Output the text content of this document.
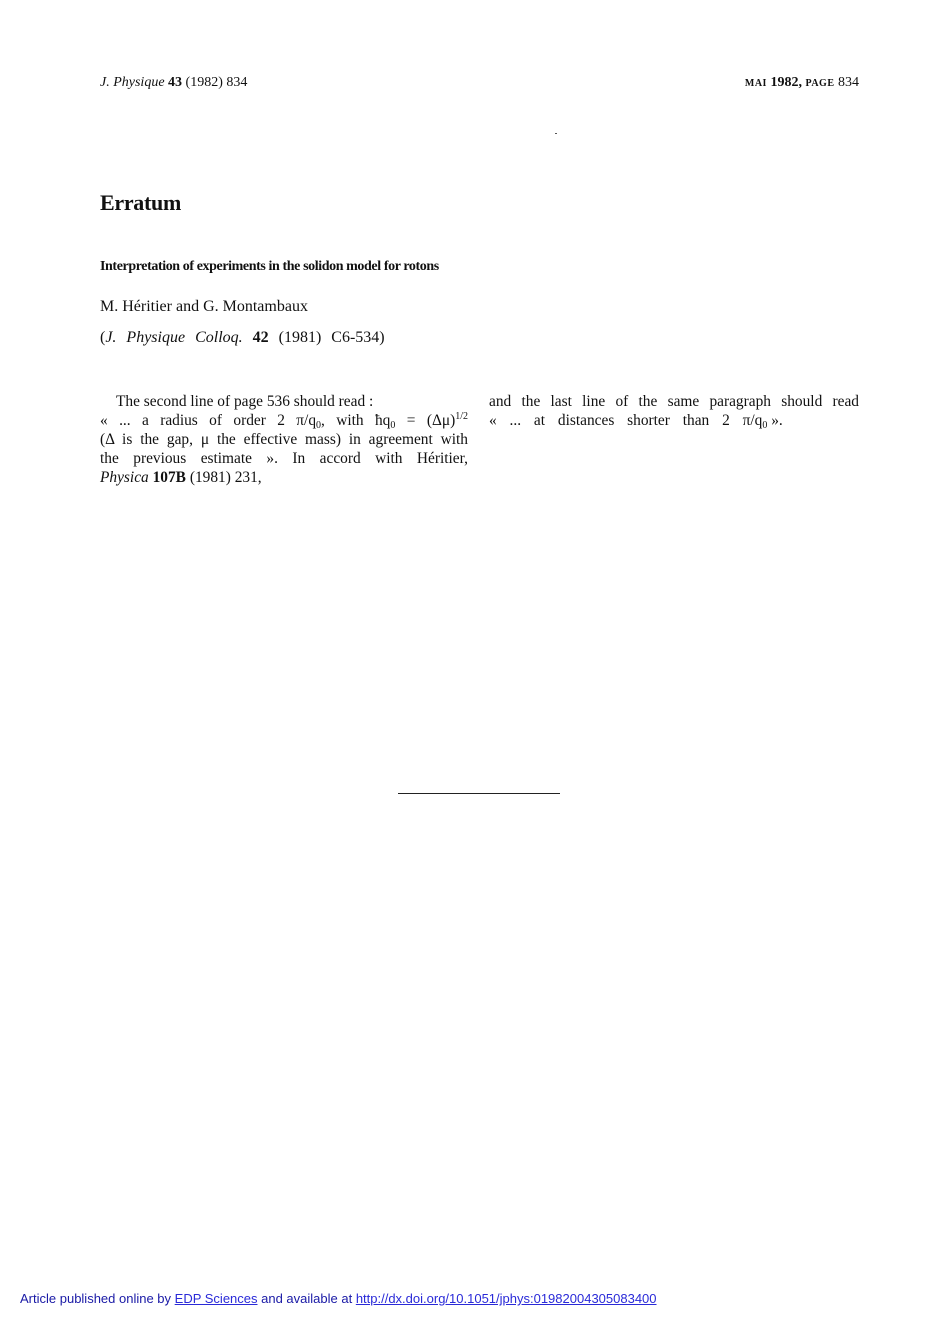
J. Physique 43 (1982) 834	mai 1982, page 834
Erratum
Interpretation of experiments in the solidon model for rotons
M. Héritier and G. Montambaux
(J. Physique Colloq. 42 (1981) C6-534)
The second line of page 536 should read :
« ... a radius of order 2 $\pi/q_0$, with $ħq_0 = (\Delta\mu)^{1/2}$
(Δ is the gap, μ the effective mass) in agreement with
the previous estimate ». In accord with Héritier,
Physica 107B (1981) 231,
and the last line of the same paragraph should read
« ... at distances shorter than 2 $\pi/q_0$ ».
Article published online by EDP Sciences and available at http://dx.doi.org/10.1051/jphys:01982004305083400
